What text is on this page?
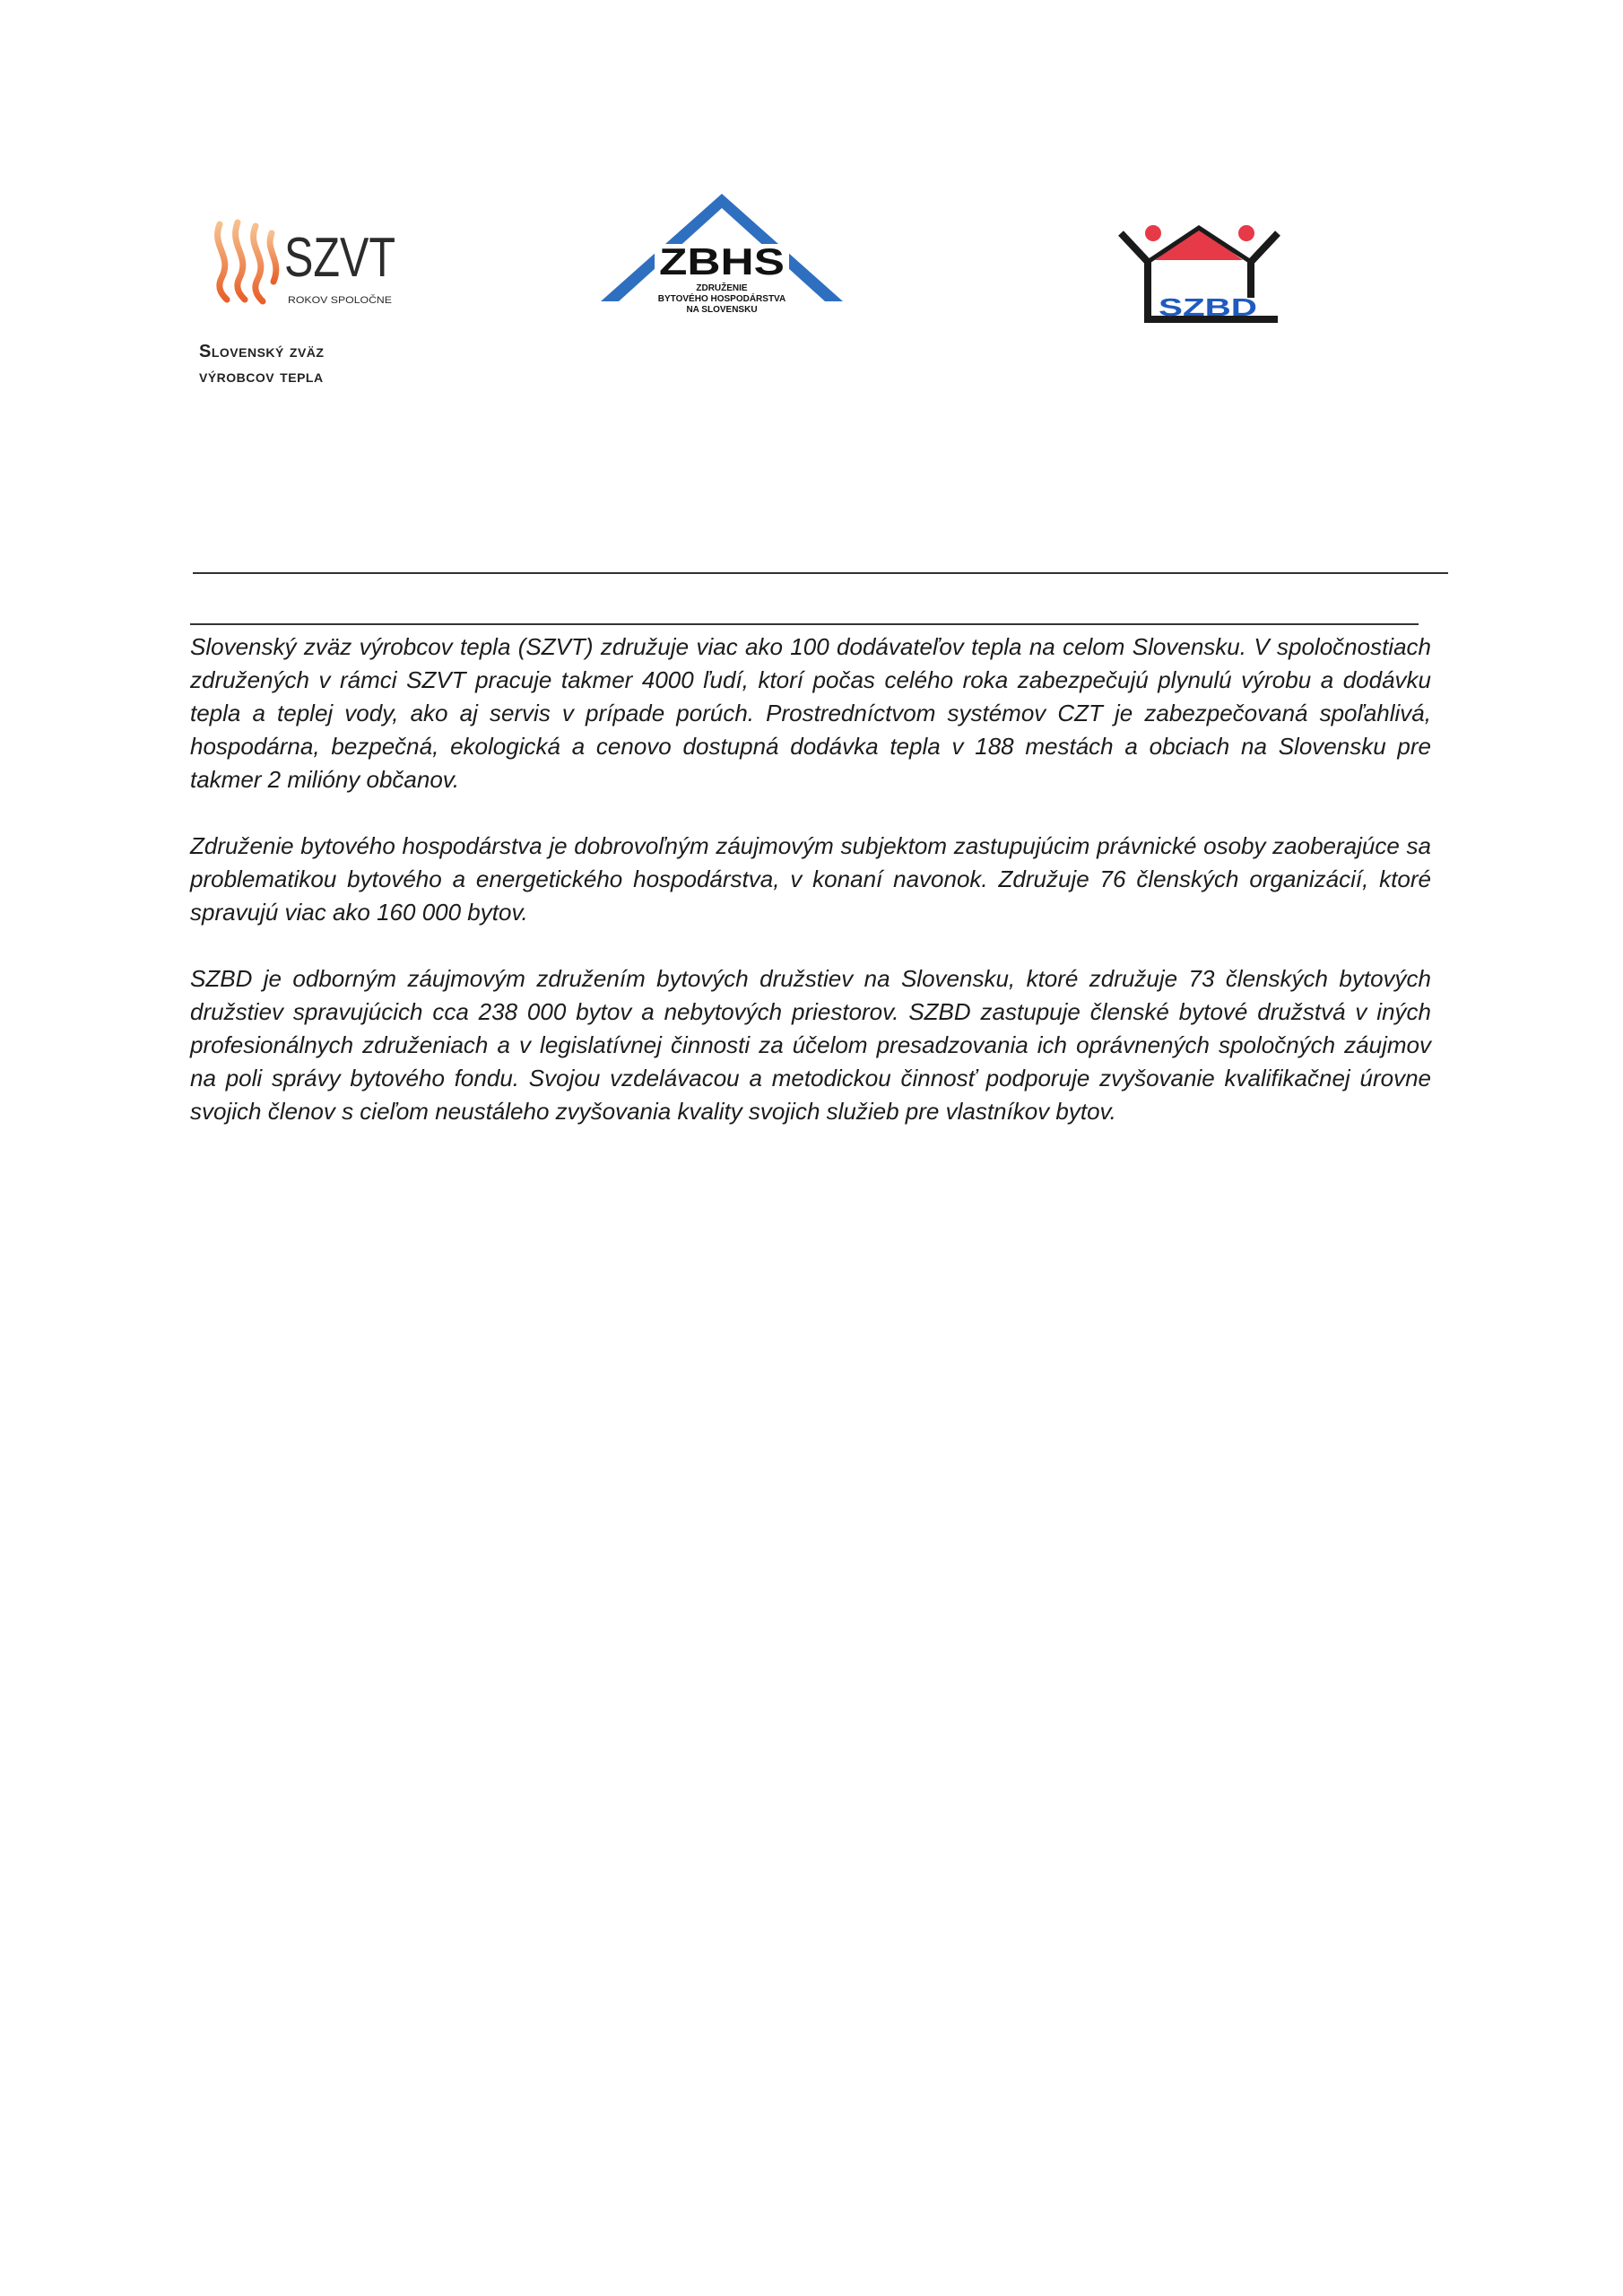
SZVT
ROKOV SPOLOČNE
Slovenský zväz
výrobcov tepla
ZBHS
ZDRUŽENIE
BYTOVÉHO HOSPODÁRSTVA
NA SLOVENSKU	SZBD

Slovenský zväz výrobcov tepla (SZVT) združuje viac ako 100 dodávateľov tepla na celom Slovensku. V spoločnostiach združených v rámci SZVT pracuje takmer 4000 ľudí, ktorí počas celého roka zabezpečujú plynulú výrobu a dodávku tepla a teplej vody, ako aj servis v prípade porúch. Prostredníctvom systémov CZT je zabezpečovaná spoľahlivá, hospodárna, bezpečná, ekologická a cenovo dostupná dodávka tepla v 188 mestách a obciach na Slovensku pre takmer 2 milióny občanov.

Združenie bytového hospodárstva je dobrovoľným záujmovým subjektom zastupujúcim právnické osoby zaoberajúce sa problematikou bytového a energetického hospodárstva, v konaní navonok. Združuje 76 členských organizácií, ktoré spravujú viac ako 160 000 bytov.

SZBD je odborným záujmovým združením bytových družstiev na Slovensku, ktoré združuje 73 členských bytových družstiev spravujúcich cca 238 000 bytov a nebytových priestorov. SZBD zastupuje členské bytové družstvá v iných profesionálnych združeniach a v legislatívnej činnosti za účelom presadzovania ich oprávnených spoločných záujmov na poli správy bytového fondu. Svojou vzdelávacou a metodickou činnosť podporuje zvyšovanie kvalifikačnej úrovne svojich členov s cieľom neustáleho zvyšovania kvality svojich služieb pre vlastníkov bytov.
